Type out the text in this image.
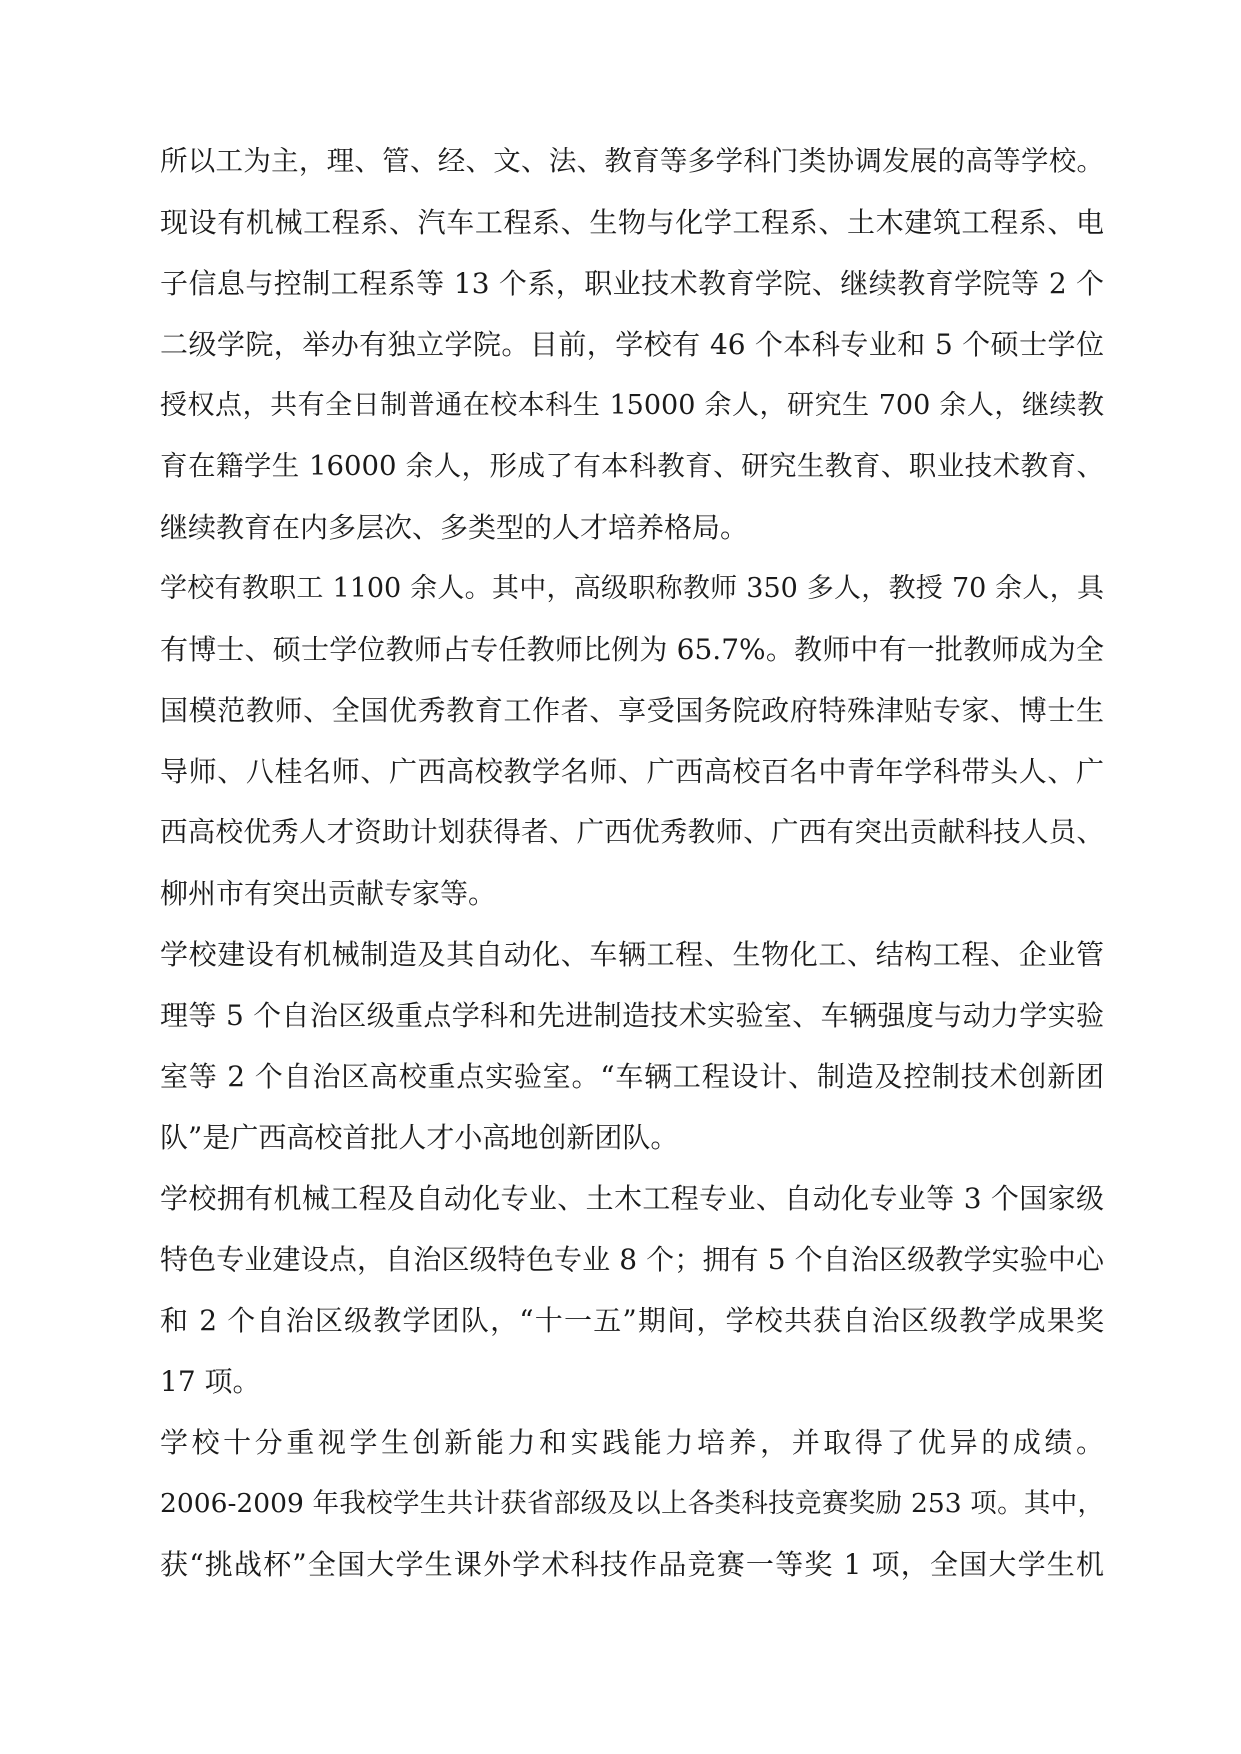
所以工为主，理、管、经、文、法、教育等多学科门类协调发展的高等学校。
现设有机械工程系、汽车工程系、生物与化学工程系、土木建筑工程系、电
子信息与控制工程系等 13 个系，职业技术教育学院、继续教育学院等 2 个
二级学院，举办有独立学院。目前，学校有 46 个本科专业和 5 个硕士学位
授权点，共有全日制普通在校本科生 15000 余人，研究生 700 余人，继续教
育在籍学生 16000 余人，形成了有本科教育、研究生教育、职业技术教育、
继续教育在内多层次、多类型的人才培养格局。
学校有教职工 1100 余人。其中，高级职称教师 350 多人，教授 70 余人，具
有博士、硕士学位教师占专任教师比例为 65.7%。教师中有一批教师成为全
国模范教师、全国优秀教育工作者、享受国务院政府特殊津贴专家、博士生
导师、八桂名师、广西高校教学名师、广西高校百名中青年学科带头人、广
西高校优秀人才资助计划获得者、广西优秀教师、广西有突出贡献科技人员、
柳州市有突出贡献专家等。
学校建设有机械制造及其自动化、车辆工程、生物化工、结构工程、企业管
理等 5 个自治区级重点学科和先进制造技术实验室、车辆强度与动力学实验
室等 2 个自治区高校重点实验室。“车辆工程设计、制造及控制技术创新团
队”是广西高校首批人才小高地创新团队。
学校拥有机械工程及自动化专业、土木工程专业、自动化专业等 3 个国家级
特色专业建设点，自治区级特色专业 8 个；拥有 5 个自治区级教学实验中心
和 2 个自治区级教学团队，“十一五”期间，学校共获自治区级教学成果奖
17 项。
学校十分重视学生创新能力和实践能力培养，并取得了优异的成绩。
2006-2009 年我校学生共计获省部级及以上各类科技竞赛奖励 253 项。其中，
获“挑战杯”全国大学生课外学术科技作品竞赛一等奖 1 项，全国大学生机
